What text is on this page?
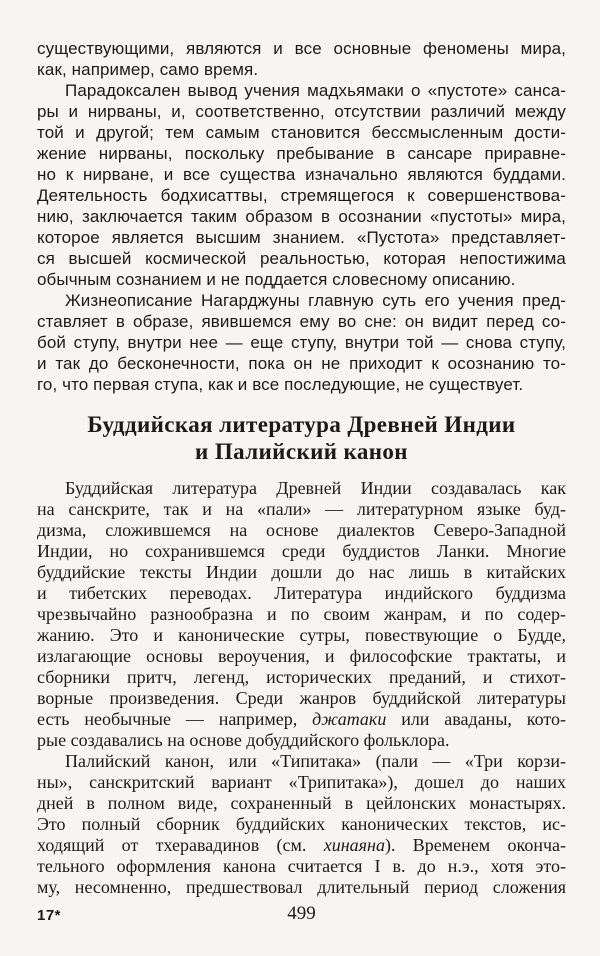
существующими, являются и все основные феномены мира,
как, например, само время.
Парадоксален вывод учения мадхьямаки о «пустоте» санса-
ры и нирваны, и, соответственно, отсутствии различий между
той и другой; тем самым становится бессмысленным дости-
жение нирваны, поскольку пребывание в сансаре приравне-
но к нирване, и все существа изначально являются буддами.
Деятельность бодхисаттвы, стремящегося к совершенствова-
нию, заключается таким образом в осознании «пустоты» мира,
которое является высшим знанием. «Пустота» представляет-
ся высшей космической реальностью, которая непостижима
обычным сознанием и не поддается словесному описанию.
Жизнеописание Нагарджуны главную суть его учения пред-
ставляет в образе, явившемся ему во сне: он видит перед со-
бой ступу, внутри нее — еще ступу, внутри той — снова ступу,
и так до бесконечности, пока он не приходит к осознанию то-
го, что первая ступа, как и все последующие, не существует.
Буддийская литература Древней Индии
и Палийский канон
Буддийская литература Древней Индии создавалась как
на санскрите, так и на «пали» — литературном языке буд-
дизма, сложившемся на основе диалектов Северо-Западной
Индии, но сохранившемся среди буддистов Ланки. Многие
буддийские тексты Индии дошли до нас лишь в китайских
и тибетских переводах. Литература индийского буддизма
чрезвычайно разнообразна и по своим жанрам, и по содер-
жанию. Это и канонические сутры, повествующие о Будде,
излагающие основы вероучения, и философские трактаты, и
сборники притч, легенд, исторических преданий, и стихот-
ворные произведения. Среди жанров буддийской литературы
есть необычные — например, джатаки или аваданы, кото-
рые создавались на основе добуддийского фольклора.
Палийский канон, или «Типитака» (пали — «Три корзи-
ны», санскритский вариант «Трипитака»), дошел до наших
дней в полном виде, сохраненный в цейлонских монастырях.
Это полный сборник буддийских канонических текстов, ис-
ходящий от тхеравадинов (см. хинаяна). Временем оконча-
тельного оформления канона считается I в. до н.э., хотя это-
му, несомненно, предшествовал длительный период сложения
17*	499
